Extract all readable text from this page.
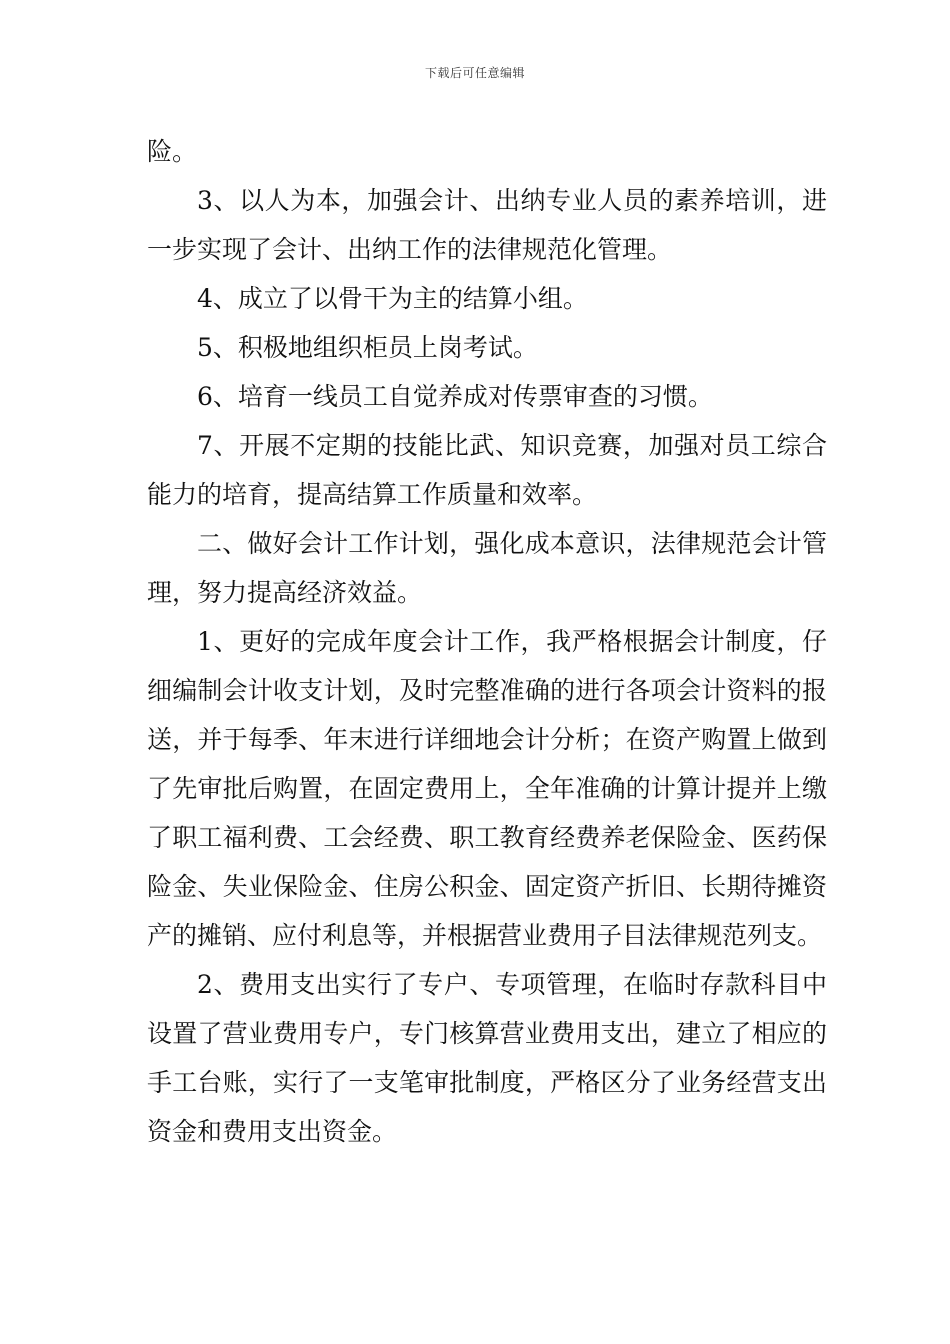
下载后可任意编辑

险。

3、以人为本，加强会计、出纳专业人员的素养培训，进一步实现了会计、出纳工作的法律规范化管理。

4、成立了以骨干为主的结算小组。

5、积极地组织柜员上岗考试。

6、培育一线员工自觉养成对传票审查的习惯。

7、开展不定期的技能比武、知识竞赛，加强对员工综合能力的培育，提高结算工作质量和效率。

二、做好会计工作计划，强化成本意识，法律规范会计管理，努力提高经济效益。

1、更好的完成年度会计工作，我严格根据会计制度，仔细编制会计收支计划，及时完整准确的进行各项会计资料的报送，并于每季、年末进行详细地会计分析；在资产购置上做到了先审批后购置，在固定费用上，全年准确的计算计提并上缴了职工福利费、工会经费、职工教育经费养老保险金、医药保险金、失业保险金、住房公积金、固定资产折旧、长期待摊资产的摊销、应付利息等，并根据营业费用子目法律规范列支。

2、费用支出实行了专户、专项管理，在临时存款科目中设置了营业费用专户，专门核算营业费用支出，建立了相应的手工台账，实行了一支笔审批制度，严格区分了业务经营支出资金和费用支出资金。
